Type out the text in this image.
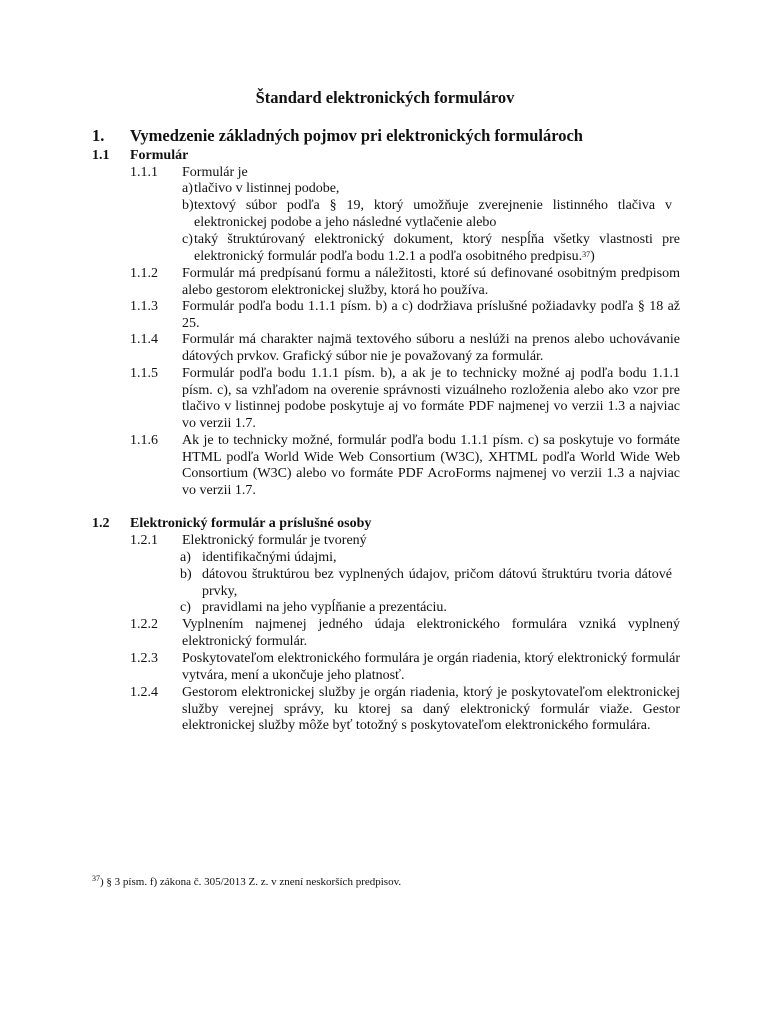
Štandard elektronických formulárov
1. Vymedzenie základných pojmov pri elektronických formulároch
1.1 Formulár
1.1.1 Formulár je
a) tlačivo v listinnej podobe,
b) textový súbor podľa § 19, ktorý umožňuje zverejnenie listinného tlačiva v elektronickej podobe a jeho následné vytlačenie alebo
c) taký štruktúrovaný elektronický dokument, ktorý nespĺňa všetky vlastnosti pre elektronický formulár podľa bodu 1.2.1 a podľa osobitného predpisu.$^{37}$)
1.1.2 Formulár má predpísanú formu a náležitosti, ktoré sú definované osobitným predpisom alebo gestorom elektronickej služby, ktorá ho používa.
1.1.3 Formulár podľa bodu 1.1.1 písm. b) a c) dodržiava príslušné požiadavky podľa § 18 až 25.
1.1.4 Formulár má charakter najmä textového súboru a neslúži na prenos alebo uchovávanie dátových prvkov. Grafický súbor nie je považovaný za formulár.
1.1.5 Formulár podľa bodu 1.1.1 písm. b), a ak je to technicky možné aj podľa bodu 1.1.1 písm. c), sa vzhľadom na overenie správnosti vizuálneho rozloženia alebo ako vzor pre tlačivo v listinnej podobe poskytuje aj vo formáte PDF najmenej vo verzii 1.3 a najviac vo verzii 1.7.
1.1.6 Ak je to technicky možné, formulár podľa bodu 1.1.1 písm. c) sa poskytuje vo formáte HTML podľa World Wide Web Consortium (W3C), XHTML podľa World Wide Web Consortium (W3C) alebo vo formáte PDF AcroForms najmenej vo verzii 1.3 a najviac vo verzii 1.7.
1.2 Elektronický formulár a príslušné osoby
1.2.1 Elektronický formulár je tvorený
a) identifikačnými údajmi,
b) dátovou štruktúrou bez vyplnených údajov, pričom dátovú štruktúru tvoria dátové prvky,
c) pravidlami na jeho vypĺňanie a prezentáciu.
1.2.2 Vyplnením najmenej jedného údaja elektronického formulára vzniká vyplnený elektronický formulár.
1.2.3 Poskytovateľom elektronického formulára je orgán riadenia, ktorý elektronický formulár vytvára, mení a ukončuje jeho platnosť.
1.2.4 Gestorom elektronickej služby je orgán riadenia, ktorý je poskytovateľom elektronickej služby verejnej správy, ku ktorej sa daný elektronický formulár viaže. Gestor elektronickej služby môže byť totožný s poskytovateľom elektronického formulára.
$^{37}$) § 3 písm. f) zákona č. 305/2013 Z. z. v znení neskorších predpisov.
